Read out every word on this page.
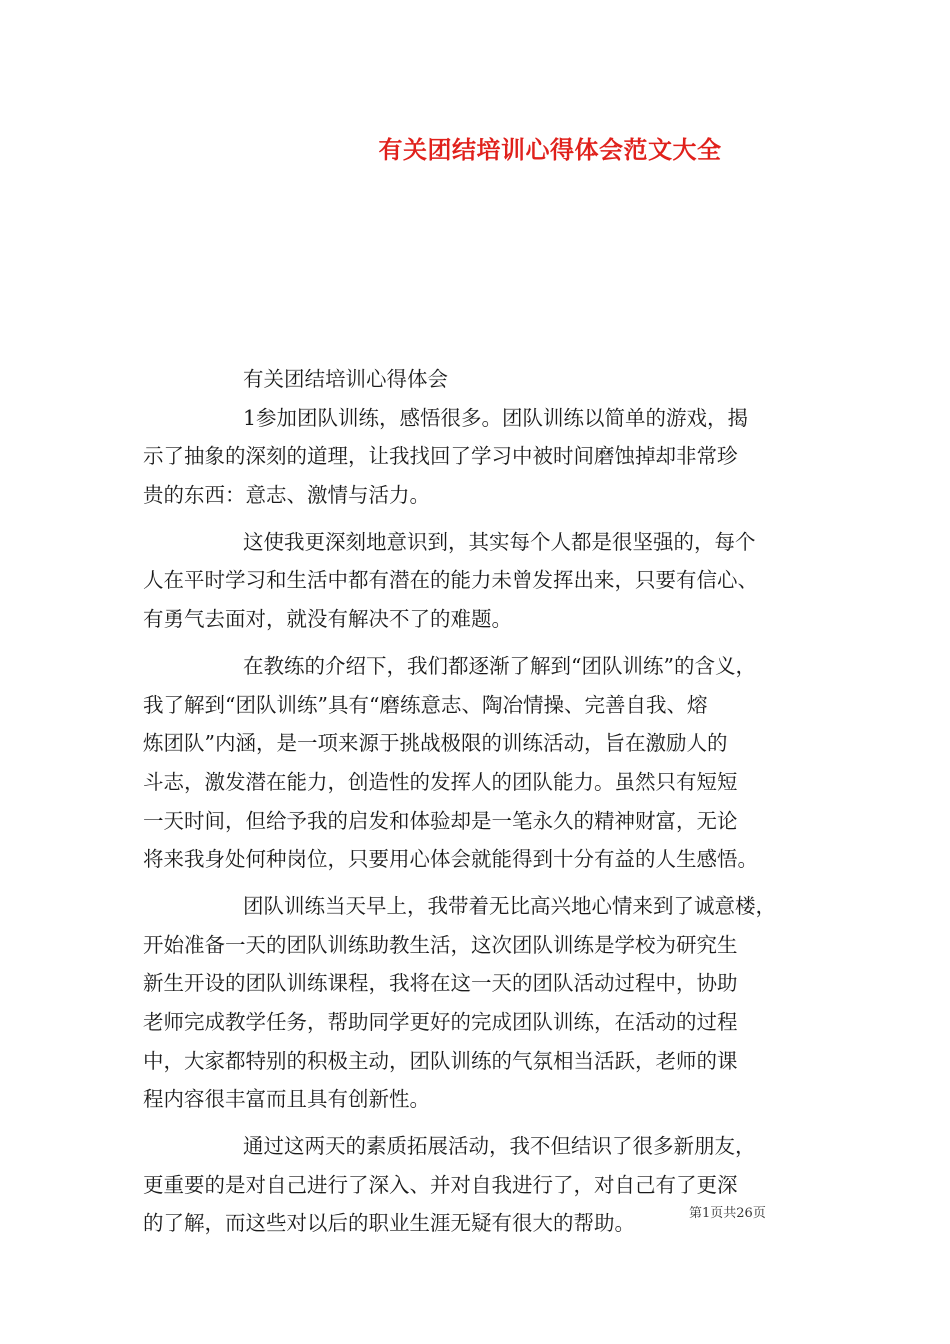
有关团结培训心得体会范文大全

有关团结培训心得体会

1参加团队训练，感悟很多。团队训练以简单的游戏，揭

示了抽象的深刻的道理，让我找回了学习中被时间磨蚀掉却非常珍

贵的东西：意志、激情与活力。

这使我更深刻地意识到，其实每个人都是很坚强的，每个

人在平时学习和生活中都有潜在的能力未曾发挥出来，只要有信心、

有勇气去面对，就没有解决不了的难题。

在教练的介绍下，我们都逐渐了解到“团队训练”的含义，

我了解到“团队训练”具有“磨练意志、陶冶情操、完善自我、熔

炼团队”内涵，是一项来源于挑战极限的训练活动，旨在激励人的

斗志，激发潜在能力，创造性的发挥人的团队能力。虽然只有短短

一天时间，但给予我的启发和体验却是一笔永久的精神财富，无论

将来我身处何种岗位，只要用心体会就能得到十分有益的人生感悟。

团队训练当天早上，我带着无比高兴地心情来到了诚意楼，

开始准备一天的团队训练助教生活，这次团队训练是学校为研究生

新生开设的团队训练课程，我将在这一天的团队活动过程中，协助

老师完成教学任务，帮助同学更好的完成团队训练，在活动的过程

中，大家都特别的积极主动，团队训练的气氛相当活跃，老师的课

程内容很丰富而且具有创新性。

通过这两天的素质拓展活动，我不但结识了很多新朋友，

更重要的是对自己进行了深入、并对自我进行了，对自己有了更深

的了解，而这些对以后的职业生涯无疑有很大的帮助。	第1页共26页
